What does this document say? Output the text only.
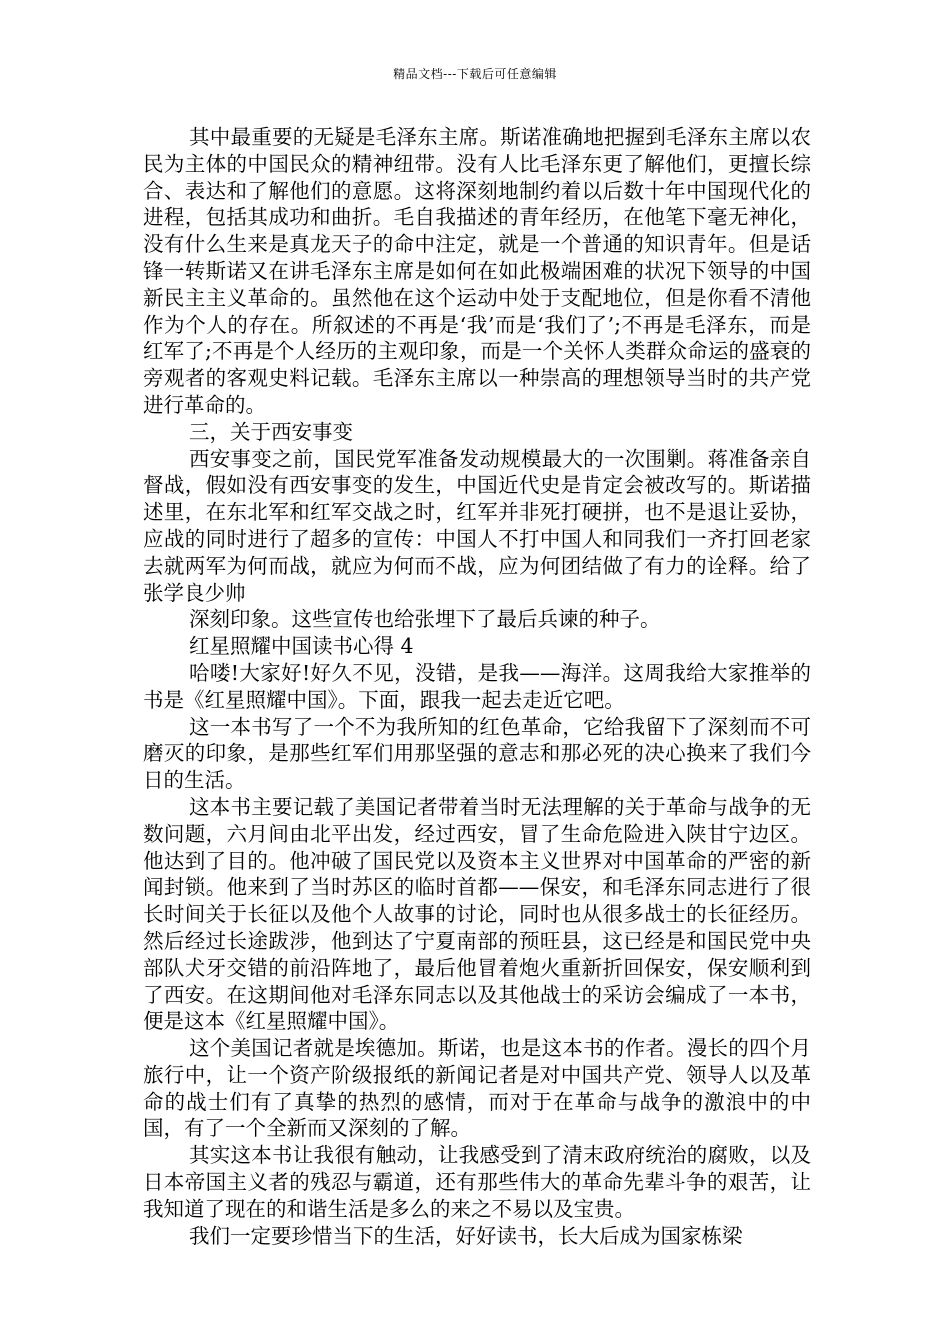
精品文档---下载后可任意编辑

其中最重要的无疑是毛泽东主席。斯诺准确地把握到毛泽东主席以农民为主体的中国民众的精神纽带。没有人比毛泽东更了解他们，更擅长综合、表达和了解他们的意愿。这将深刻地制约着以后数十年中国现代化的进程，包括其成功和曲折。毛自我描述的青年经历，在他笔下毫无神化，没有什么生来是真龙天子的命中注定，就是一个普通的知识青年。但是话锋一转斯诺又在讲毛泽东主席是如何在如此极端困难的状况下领导的中国新民主主义革命的。虽然他在这个运动中处于支配地位，但是你看不清他作为个人的存在。所叙述的不再是‘我’而是‘我们了’;不再是毛泽东，而是红军了;不再是个人经历的主观印象，而是一个关怀人类群众命运的盛衰的旁观者的客观史料记载。毛泽东主席以一种崇高的理想领导当时的共产党进行革命的。

三，关于西安事变

西安事变之前，国民党军准备发动规模最大的一次围剿。蒋准备亲自督战，假如没有西安事变的发生，中国近代史是肯定会被改写的。斯诺描述里，在东北军和红军交战之时，红军并非死打硬拼，也不是退让妥协，应战的同时进行了超多的宣传：中国人不打中国人和同我们一齐打回老家去就两军为何而战，就应为何而不战，应为何团结做了有力的诠释。给了张学良少帅

深刻印象。这些宣传也给张埋下了最后兵谏的种子。

红星照耀中国读书心得 4

哈喽!大家好!好久不见，没错，是我——海洋。这周我给大家推举的书是《红星照耀中国》。下面，跟我一起去走近它吧。

这一本书写了一个不为我所知的红色革命，它给我留下了深刻而不可磨灭的印象，是那些红军们用那坚强的意志和那必死的决心换来了我们今日的生活。

这本书主要记载了美国记者带着当时无法理解的关于革命与战争的无数问题，六月间由北平出发，经过西安，冒了生命危险进入陕甘宁边区。他达到了目的。他冲破了国民党以及资本主义世界对中国革命的严密的新闻封锁。他来到了当时苏区的临时首都——保安，和毛泽东同志进行了很长时间关于长征以及他个人故事的讨论，同时也从很多战士的长征经历。然后经过长途跋涉，他到达了宁夏南部的预旺县，这已经是和国民党中央部队犬牙交错的前沿阵地了，最后他冒着炮火重新折回保安，保安顺利到了西安。在这期间他对毛泽东同志以及其他战士的采访会编成了一本书，便是这本《红星照耀中国》。

这个美国记者就是埃德加。斯诺，也是这本书的作者。漫长的四个月旅行中，让一个资产阶级报纸的新闻记者是对中国共产党、领导人以及革命的战士们有了真挚的热烈的感情，而对于在革命与战争的激浪中的中国，有了一个全新而又深刻的了解。

其实这本书让我很有触动，让我感受到了清末政府统治的腐败，以及日本帝国主义者的残忍与霸道，还有那些伟大的革命先辈斗争的艰苦，让我知道了现在的和谐生活是多么的来之不易以及宝贵。

我们一定要珍惜当下的生活，好好读书，长大后成为国家栋梁
